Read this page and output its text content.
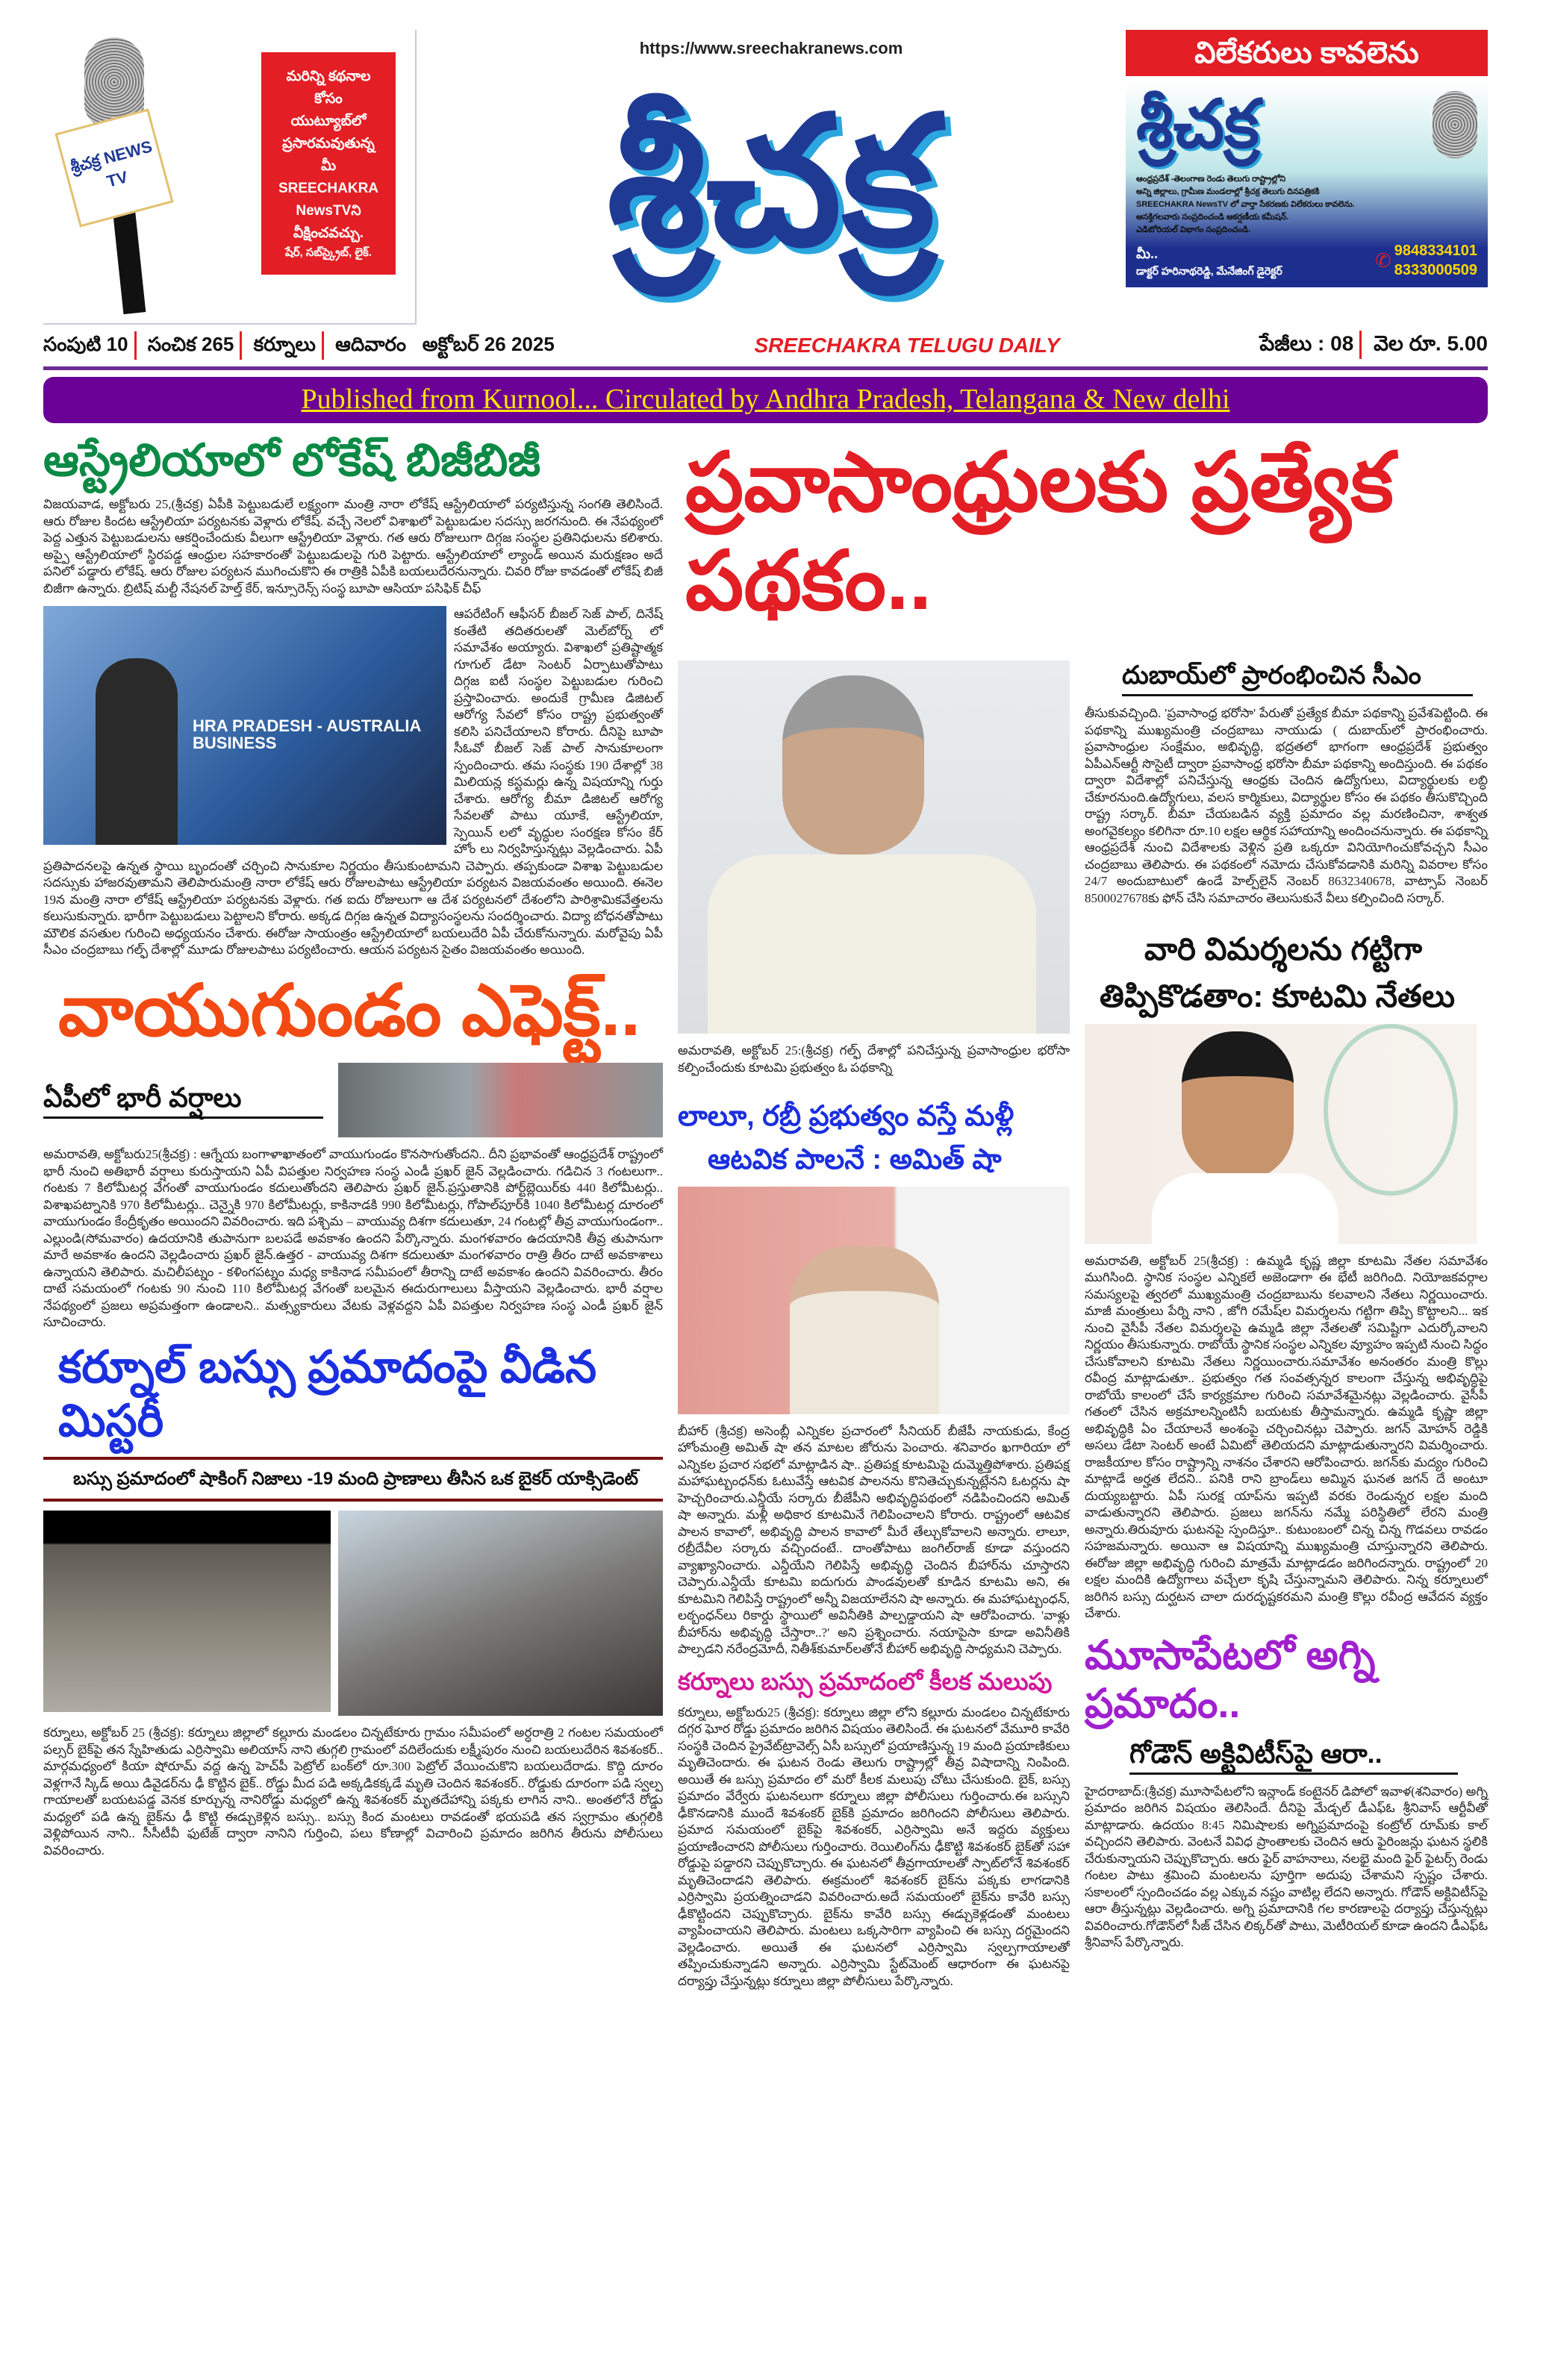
శ్రీచక్ర NEWS TV
మరిన్ని కథనాల
కోసం
యుట్యూబ్‌లో
ప్రసారమవుతున్న
మీ
SREECHAKRA
NewsTVని
వీక్షించవచ్చు.
షేర్, సబ్‌స్క్రైబ్, లైక్.
https://www.sreechakranews.com
శ్రీచక్ర
విలేకరులు కావలెను
శ్రీచక్ర
ఆంధ్రప్రదేశ్ -తెలంగాణ రెండు తెలుగు రాష్ట్రాల్లోని
అన్ని జిల్లాలు, గ్రామీణ మండలాల్లో శ్రీచక్ర తెలుగు దినపత్రికకి
SREECHAKRA NewsTV లో వార్తా సేకరణకు విలేకరులు కావలెను.
ఆసక్తిగలవారు సంప్రదించండి ఆకర్షణీయ కమీషన్.
ఎడిటోరియల్ విభాగం సంప్రదించండి.
మీ..
డాక్టర్ హరినాథరెడ్డి, మేనేజింగ్ డైరెక్టర్	✆ 9848334101
8333000509
సంపుటి 10 సంచిక 265 కర్నూలు ఆదివారం అక్టోబర్ 26 2025	SREECHAKRA TELUGU DAILY	పేజీలు : 08 వెల రూ. 5.00
Published from Kurnool... Circulated by Andhra Pradesh, Telangana & New delhi
ఆస్ట్రేలియాలో లోకేష్ బిజీబిజీ
విజయవాడ, అక్టోబరు 25,(శ్రీచక్ర) ఏపీకి పెట్టుబడులే లక్ష్యంగా మంత్రి నారా లోకేష్ ఆస్ట్రేలియాలో పర్యటిస్తున్న సంగతి తెలిసిందే. ఆరు రోజుల కిందట ఆస్ట్రేలియా పర్యటనకు వెళ్లారు లోకేష్. వచ్చే నెలలో విశాఖలో పెట్టుబడుల సదస్సు జరగనుంది. ఈ నేపథ్యంలో పెద్ద ఎత్తున పెట్టుబడులను ఆకర్షించేందుకు వీలుగా ఆస్ట్రేలియా వెళ్లారు. గత ఆరు రోజులుగా దిగ్గజ సంస్థల ప్రతినిధులను కలిశారు. అప్పై ఆస్ట్రేలియాలో స్థిరపడ్డ ఆంధ్రుల సహకారంతో పెట్టుబడులపై గురి పెట్టారు. ఆస్ట్రేలియాలో ల్యాండ్ అయిన మరుక్షణం అదే పనిలో పడ్డారు లోకేష్. ఆరు రోజుల పర్యటన ముగించుకొని ఈ రాత్రికి ఏపీకి బయలుదేరనున్నారు. చివరి రోజు కావడంతో లోకేష్ బిజీ బిజీగా ఉన్నారు. బ్రిటిష్ మల్టీ నేషనల్ హెల్త్ కేర్, ఇన్సూరెన్స్ సంస్థ బూపా ఆసియా పసిఫిక్ చీఫ్
HRA PRADESH - AUSTRALIA BUSINESS
ఆపరేటింగ్ ఆఫీసర్ బీజల్ సెజ్ పాల్, దినేష్ కంతేటి తదితరులతో మెల్‌బోర్న్ లో సమావేశం అయ్యారు. విశాఖలో ప్రతిష్టాత్మక గూగుల్ డేటా సెంటర్ ఏర్పాటుతోపాటు దిగ్గజ ఐటీ సంస్థల పెట్టుబడుల గురించి ప్రస్తావించారు. అందుకే గ్రామీణ డిజిటల్ ఆరోగ్య సేవలో కోసం రాష్ట్ర ప్రభుత్వంతో కలిసి పనిచేయాలని కోరారు. దీనిపై బూపా సీఓవో బీజల్ సెజ్ పాల్ సానుకూలంగా స్పందించారు. తమ సంస్థకు 190 దేశాల్లో 38 మిలియన్ల కస్టమర్లు ఉన్న విషయాన్ని గుర్తు చేశారు. ఆరోగ్య బీమా డిజిటల్ ఆరోగ్య సేవలతో పాటు యూకే, ఆస్ట్రేలియా, స్పెయిన్ లలో వృద్ధుల సంరక్షణ కోసం కేర్ హోం లు నిర్వహిస్తున్నట్లు వెల్లడించారు. ఏపీ ప్రతిపాదనలపై ఉన్నత స్థాయి బృందంతో చర్చించి సానుకూల నిర్ణయం తీసుకుంటామని చెప్పారు. తప్పకుండా విశాఖ పెట్టుబడుల సదస్సుకు హాజరవుతామని తెలిపారుమంత్రి నారా లోకేష్ ఆరు రోజులపాటు ఆస్ట్రేలియా పర్యటన విజయవంతం అయింది. ఈనెల 19న మంత్రి నారా లోకేష్ ఆస్ట్రేలియా పర్యటనకు వెళ్లారు. గత ఐదు రోజులుగా ఆ దేశ పర్యటనలో దేశంలోని పారిశ్రామికవేత్తలను కలుసుకున్నారు. భారీగా పెట్టుబడులు పెట్టాలని కోరారు. అక్కడ దిగ్గజ ఉన్నత విద్యాసంస్థలను సందర్శించారు. విద్యా బోధనతోపాటు మౌలిక వసతుల గురించి అధ్యయనం చేశారు. ఈరోజు సాయంత్రం ఆస్ట్రేలియాలో బయలుదేరి ఏపీ చేరుకోనున్నారు. మరోవైపు ఏపీ సీఎం చంద్రబాబు గల్ఫ్ దేశాల్లో మూడు రోజులపాటు పర్యటించారు. ఆయన పర్యటన సైతం విజయవంతం అయింది.
వాయుగుండం ఎఫెక్ట్..
ఏపీలో భారీ వర్షాలు
అమరావతి, అక్టోబరు25(శ్రీచక్ర) : ఆగ్నేయ బంగాళాఖాతంలో వాయుగుండం కొనసాగుతోందని.. దీని ప్రభావంతో ఆంధ్రప్రదేశ్ రాష్ట్రంలో భారీ నుంచి అతిభారీ వర్షాలు కురుస్తాయని ఏపీ విపత్తుల నిర్వహణ సంస్థ ఎండీ ప్రఖర్ జైన్ వెల్లడించారు. గడిచిన 3 గంటలుగా.. గంటకు 7 కిలోమీటర్ల వేగంతో వాయుగుండం కదులుతోందని తెలిపారు ప్రఖర్ జైన్.ప్రస్తుతానికి పోర్ట్‌బ్లెయిర్‌కు 440 కిలోమీటర్లు.. విశాఖపట్నానికి 970 కిలోమీటర్లు.. చెన్నైకి 970 కిలోమీటర్లు, కాకినాడకి 990 కిలోమీటర్లు, గోపాల్‌పూర్‌కి 1040 కిలోమీటర్ల దూరంలో వాయుగుండం కేంద్రీకృతం అయిందని వివరించారు. ఇది పశ్చిమ – వాయువ్య దిశగా కదులుతూ, 24 గంటల్లో తీవ్ర వాయుగుండంగా.. ఎల్లుండి(సోమవారం) ఉదయానికి తుపానుగా బలపడే అవకాశం ఉందని పేర్కొన్నారు. మంగళవారం ఉదయానికి తీవ్ర తుపానుగా మారే అవకాశం ఉందని వెల్లడించారు ప్రఖర్ జైన్.ఉత్తర - వాయువ్య దిశగా కదులుతూ మంగళవారం రాత్రి తీరం దాటే అవకాశాలు ఉన్నాయని తెలిపారు. మచిలీపట్నం - కళింగపట్నం మధ్య కాకినాడ సమీపంలో తీరాన్ని దాటే అవకాశం ఉందని వివరించారు. తీరం దాటే సమయంలో గంటకు 90 నుంచి 110 కిలోమీటర్ల వేగంతో బలమైన ఈదురుగాలులు వీస్తాయని వెల్లడించారు. భారీ వర్షాల నేపథ్యంలో ప్రజలు అప్రమత్తంగా ఉండాలని.. మత్స్యకారులు వేటకు వెళ్లవద్దని ఏపీ విపత్తుల నిర్వహణ సంస్థ ఎండీ ప్రఖర్ జైన్ సూచించారు.
కర్నూల్ బస్సు ప్రమాదంపై వీడిన మిస్టరీ
బస్సు ప్రమాదంలో షాకింగ్ నిజాలు -19 మంది ప్రాణాలు తీసిన ఒక బైకర్ యాక్సిడెంట్
కర్నూలు, అక్టోబర్ 25 (శ్రీచక్ర): కర్నూలు జిల్లాలో కల్లూరు మండలం చిన్నటేకూరు గ్రామం సమీపంలో అర్ధరాత్రి 2 గంటల సమయంలో పల్సర్ బైక్‌పై తన స్నేహితుడు ఎర్రిస్వామి అలియాస్ నాని తుగ్గలి గ్రామంలో వదిలేందుకు లక్ష్మీపురం నుంచి బయలుదేరిన శివశంకర్.. మార్గమధ్యంలో కియా షోరూమ్ వద్ద ఉన్న హెచ్‌పీ పెట్రోల్ బంక్‌లో రూ.300 పెట్రోల్ వేయించుకొని బయలుదేరాడు. కొద్ది దూరం వెళ్లగానే స్కిడ్ అయి డివైడర్‌ను ఢీ కొట్టిన బైక్‌.. రోడ్డు మీద పడి అక్కడికక్కడే మృతి చెందిన శివశంకర్.. రోడ్డుకు దూరంగా పడి స్వల్ప గాయాలతో బయటపడ్డ వెనక కూర్చున్న నానిరోడ్డు మధ్యలో ఉన్న శివశంకర్ మృతదేహాన్ని పక్కకు లాగిన నాని.. అంతలోనే రోడ్డు మధ్యలో పడి ఉన్న బైక్‌ను ఢీ కొట్టి ఈడ్చుకెళ్లిన బస్సు.. బస్సు కింద మంటలు రావడంతో భయపడి తన స్వగ్రామం తుగ్గలికి వెళ్లిపోయిన నాని.. సీసీటీవీ ఫుటేజ్ ద్వారా నానిని గుర్తించి, పలు కోణాల్లో విచారించి ప్రమాదం జరిగిన తీరును పోలీసులు వివరించారు.
ప్రవాసాంధ్రులకు ప్రత్యేక పథకం..
అమరావతి, అక్టోబర్ 25:(శ్రీచక్ర) గల్ఫ్ దేశాల్లో పనిచేస్తున్న ప్రవాసాంధ్రుల భరోసా కల్పించేందుకు కూటమి ప్రభుత్వం ఓ పథకాన్ని
లాలూ, రబ్రీ ప్రభుత్వం వస్తే మళ్లీ
ఆటవిక పాలనే : అమిత్ షా
బీహార్ (శ్రీచక్ర) అసెంబ్లీ ఎన్నికల ప్రచారంలో సీనియర్ బీజేపీ నాయకుడు, కేంద్ర హోంమంత్రి అమిత్ షా తన మాటల జోరును పెంచారు. శనివారం ఖగారియా లో ఎన్నికల ప్రచార సభలో మాట్లాడిన షా.. ప్రతిపక్ష కూటమిపై దుమ్మెత్తిపోశారు. ప్రతిపక్ష మహాఘట్బంధన్‌కు ఓటువేస్తే ఆటవిక పాలనను కొనితెచ్చుకున్నట్లేనని ఓటర్లను షా హెచ్చరించారు.ఎన్డీయే సర్కారు బీజేపీని అభివృద్ధిపథంలో నడిపించిందని అమిత్ షా అన్నారు. మళ్లీ అధికార కూటమినే గెలిపించాలని కోరారు. రాష్ట్రంలో ఆటవిక పాలన కావాలో, అభివృద్ధి పాలన కావాలో మీరే తేల్చుకోవాలని అన్నారు. లాలూ, రబ్రీదేవీల సర్కారు వచ్చిందంటే.. దాంతోపాటు జంగిల్‌రాజ్ కూడా వస్తుందని వ్యాఖ్యానించారు. ఎన్డీయేని గెలిపిస్తే అభివృద్ధి చెందిన బీహార్‌ను చూస్తారని చెప్పారు.ఎన్డీయే కూటమి ఐదుగురు పాండవులతో కూడిన కూటమి అని, ఈ కూటమిని గెలిపిస్తే రాష్ట్రంలో అన్నీ విజయాలేనని షా అన్నారు. ఈ మహాఘట్బంధన్, లఠ్బంధన్‌లు రికార్డు స్థాయిలో అవినీతికి పాల్పడ్డాయని షా ఆరోపించారు. 'వాళ్లు బీహార్‌ను అభివృద్ధి చేస్తారా..?' అని ప్రశ్నించారు. నయాపైసా కూడా అవినీతికి పాల్పడని నరేంద్రమోదీ, నితీశ్‌కుమార్‌లతోనే బీహార్ అభివృద్ధి సాధ్యమని చెప్పారు.
కర్నూలు బస్సు ప్రమాదంలో కీలక మలుపు
కర్నూలు, అక్టోబరు25 (శ్రీచక్ర): కర్నూలు జిల్లా లోని కల్లూరు మండలం చిన్నటేకూరు దగ్గర ఘోర రోడ్డు ప్రమాదం జరిగిన విషయం తెలిసిందే. ఈ ఘటనలో వేమూరి కావేరి సంస్థకి చెందిన ప్రైవేట్‌ట్రావెల్స్ ఏసీ బస్సులో ప్రయాణిస్తున్న 19 మంది ప్రయాణికులు మృతిచెందారు. ఈ ఘటన రెండు తెలుగు రాష్ట్రాల్లో తీవ్ర విషాదాన్ని నింపింది. అయితే ఈ బస్సు ప్రమాదం లో మరో కీలక మలుపు చోటు చేసుకుంది. బైక్, బస్సు ప్రమాదం వేర్వేరు ఘటనలుగా కర్నూలు జిల్లా పోలీసులు గుర్తించారు.ఈ బస్సుని ఢీకొనడానికి ముందే శివశంకర్ బైక్‌కి ప్రమాదం జరిగిందని పోలీసులు తెలిపారు. ప్రమాద సమయంలో బైక్‌పై శివశంకర్, ఎర్రిస్వామి అనే ఇద్దరు వ్యక్తులు ప్రయాణించారని పోలీసులు గుర్తించారు. రెయిలింగ్‌ను ఢీకొట్టి శివశంకర్ బైక్‌తో సహా రోడ్డుపై పడ్డారని చెప్పుకొచ్చారు. ఈ ఘటనలో తీవ్రగాయాలతో స్పాట్‌లోనే శివశంకర్ మృతిచెందాడని తెలిపారు. ఈక్రమంలో శివశంకర్ బైక్‌ను పక్కకు లాగడానికి ఎర్రిస్వామి ప్రయత్నించాడని వివరించారు.అదే సమయంలో బైక్‌ను కావేరి బస్సు ఢీకొట్టిందని చెప్పుకొచ్చారు. బైక్‌ను కావేరి బస్సు ఈడ్చుకెళ్లడంతో మంటలు వ్యాపించాయని తెలిపారు. మంటలు ఒక్కసారిగా వ్యాపించి ఈ బస్సు దగ్ధమైందని వెల్లడించారు. అయితే ఈ ఘటనలో ఎర్రిస్వామి స్వల్పగాయాలతో తప్పించుకున్నాడని అన్నారు. ఎర్రిస్వామి స్టేట్‌మెంట్ ఆధారంగా ఈ ఘటనపై దర్యాప్తు చేస్తున్నట్లు కర్నూలు జిల్లా పోలీసులు పేర్కొన్నారు.
దుబాయ్‌లో ప్రారంభించిన సీఎం
తీసుకువచ్చింది. 'ప్రవాసాంధ్ర భరోసా' పేరుతో ప్రత్యేక బీమా పథకాన్ని ప్రవేశపెట్టింది. ఈ పథకాన్ని ముఖ్యమంత్రి చంద్రబాబు నాయుడు ( దుబాయ్‌లో ప్రారంభించారు. ప్రవాసాంధ్రుల సంక్షేమం, అభివృద్ధి, భద్రతలో భాగంగా ఆంధ్రప్రదేశ్ ప్రభుత్వం ఏపీఎన్ఆర్టీ సొసైటీ ద్వారా ప్రవాసాంధ్ర భరోసా బీమా పథకాన్ని అందిస్తుంది. ఈ పథకం ద్వారా విదేశాల్లో పనిచేస్తున్న ఆంధ్రకు చెందిన ఉద్యోగులు, విద్యార్థులకు లబ్ధి చేకూరనుంది.ఉద్యోగులు, వలస కార్మికులు, విద్యార్థుల కోసం ఈ పథకం తీసుకొచ్చింది రాష్ట్ర సర్కార్. బీమా చేయబడిన వ్యక్తి ప్రమాదం వల్ల మరణించినా, శాశ్వత అంగవైకల్యం కలిగినా రూ.10 లక్షల ఆర్థిక సహాయాన్ని అందించనున్నారు. ఈ పథకాన్ని ఆంధ్రప్రదేశ్ నుంచి విదేశాలకు వెళ్లిన ప్రతి ఒక్కరూ వినియోగించుకోవచ్చని సీఎం చంద్రబాబు తెలిపారు. ఈ పథకంలో నమోదు చేసుకోవడానికి మరిన్ని వివరాల కోసం 24/7 అందుబాటులో ఉండే హెల్ప్‌లైన్ నెంబర్ 8632340678, వాట్సాప్ నెంబర్ 8500027678కు ఫోన్ చేసి సమాచారం తెలుసుకునే వీలు కల్పించింది సర్కార్.
వారి విమర్శలను గట్టిగా
తిప్పికొడతాం: కూటమి నేతలు
అమరావతి, అక్టోబర్ 25(శ్రీచక్ర) : ఉమ్మడి కృష్ణ జిల్లా కూటమి నేతల సమావేశం ముగిసింది. స్థానిక సంస్థల ఎన్నికలే అజెండాగా ఈ భేటీ జరిగింది. నియోజకవర్గాల సమస్యలపై త్వరలో ముఖ్యమంత్రి చంద్రబాబును కలవాలని నేతలు నిర్ణయించారు. మాజీ మంత్రులు పేర్ని నాని , జోగి రమేష్‌ల విమర్శలను గట్టిగా తిప్పి కొట్టాలని... ఇక నుంచి వైసీపీ నేతల విమర్శలపై ఉమ్మడి జిల్లా నేతలతో సమిష్టిగా ఎదుర్కోవాలని నిర్ణయం తీసుకున్నారు. రాబోయే స్థానిక సంస్థల ఎన్నికల వ్యూహం ఇప్పటి నుంచి సిద్ధం చేసుకోవాలని కూటమి నేతలు నిర్ణయించారు.సమావేశం అనంతరం మంత్రి కొల్లు రవీంద్ర మాట్లాడుతూ.. ప్రభుత్వం గత సంవత్సన్నర కాలంగా చేస్తున్న అభివృద్ధిపై రాబోయే కాలంలో చేసే కార్యక్రమాల గురించి సమావేశమైనట్లు వెల్లడించారు. వైసీపీ గతంలో చేసిన అక్రమాలన్నింటినీ బయటకు తీస్తామన్నారు. ఉమ్మడి కృష్ణా జిల్లా అభివృద్ధికి ఏం చేయాలనే అంశంపై చర్చించినట్లు చెప్పారు. జగన్ మోహన్ రెడ్డికి అసలు డేటా సెంటర్ అంటే ఏమిటో తెలియదని మాట్లాడుతున్నారని విమర్శించారు. రాజకీయాల కోసం రాష్ట్రాన్ని నాశనం చేశారని ఆరోపించారు. జగన్‌కు మద్యం గురించి మాట్లాడే అర్హత లేదని.. పనికి రాని బ్రాండ్‌లు అమ్మిన ఘనత జగన్ దే అంటూ దుయ్యబట్టారు. ఏపీ సురక్ష యాప్‌ను ఇప్పటి వరకు రెండున్నర లక్షల మంది వాడుతున్నారని తెలిపారు. ప్రజలు జగన్‌ను నమ్మే పరిస్థితిలో లేరని మంత్రి అన్నారు.తిరువూరు ఘటనపై స్పందిస్తూ.. కుటుంబంలో చిన్న చిన్న గొడవలు రావడం సహజమన్నారు. అయినా ఆ విషయాన్ని ముఖ్యమంత్రి చూస్తున్నారని తెలిపారు. ఈరోజు జిల్లా అభివృద్ధి గురించి మాత్రమే మాట్లాడడం జరిగిందన్నారు. రాష్ట్రంలో 20 లక్షల మందికి ఉద్యోగాలు వచ్చేలా కృషి చేస్తున్నామని తెలిపారు. నిన్న కర్నూలులో జరిగిన బస్సు దుర్ఘటన చాలా దురదృష్టకరమని మంత్రి కొల్లు రవీంద్ర ఆవేదన వ్యక్తం చేశారు.
మూసాపేటలో అగ్ని ప్రమాదం..
గోడౌన్ అక్టివిటీస్‌పై ఆరా..
హైదరాబాద్:(శ్రీచక్ర) మూసాపేటలోని ఇన్లాండ్ కంటైనర్ డిపోలో ఇవాళ(శనివారం) అగ్ని ప్రమాదం జరిగిన విషయం తెలిసిందే. దీనిపై మేడ్చల్ డీఎఫ్ఓ శ్రీనివాస్ ఆర్టీవీతో మాట్లాడారు. ఉదయం 8:45 నిమిషాలకు అగ్నిప్రమాదంపై కంట్రోల్ రూమ్‌కు కాల్ వచ్చిందని తెలిపారు. వెంటనే వివిధ ప్రాంతాలకు చెందిన ఆరు ఫైరింజన్లు ఘటన స్థలికి చేరుకున్నాయని చెప్పుకొచ్చారు. ఆరు ఫైర్ వాహనాలు, నలభై మంది ఫైర్ ఫైటర్స్ రెండు గంటల పాటు శ్రమించి మంటలను పూర్తిగా అదుపు చేశామని స్పష్టం చేశారు. సకాలంలో స్పందించడం వల్ల ఎక్కువ నష్టం వాటిల్ల లేదని అన్నారు. గోడౌన్ అక్టివిటీస్‌పై ఆరా తీస్తున్నట్లు వెల్లడించారు. అగ్ని ప్రమాదానికి గల కారణాలపై దర్యాప్తు చేస్తున్నట్లు వివరించారు.గోడౌన్‌లో సీజ్ చేసిన లిక్కర్‌తో పాటు, మెటీరియల్ కూడా ఉందని డీఎఫ్ఓ శ్రీనివాస్ పేర్కొన్నారు.
